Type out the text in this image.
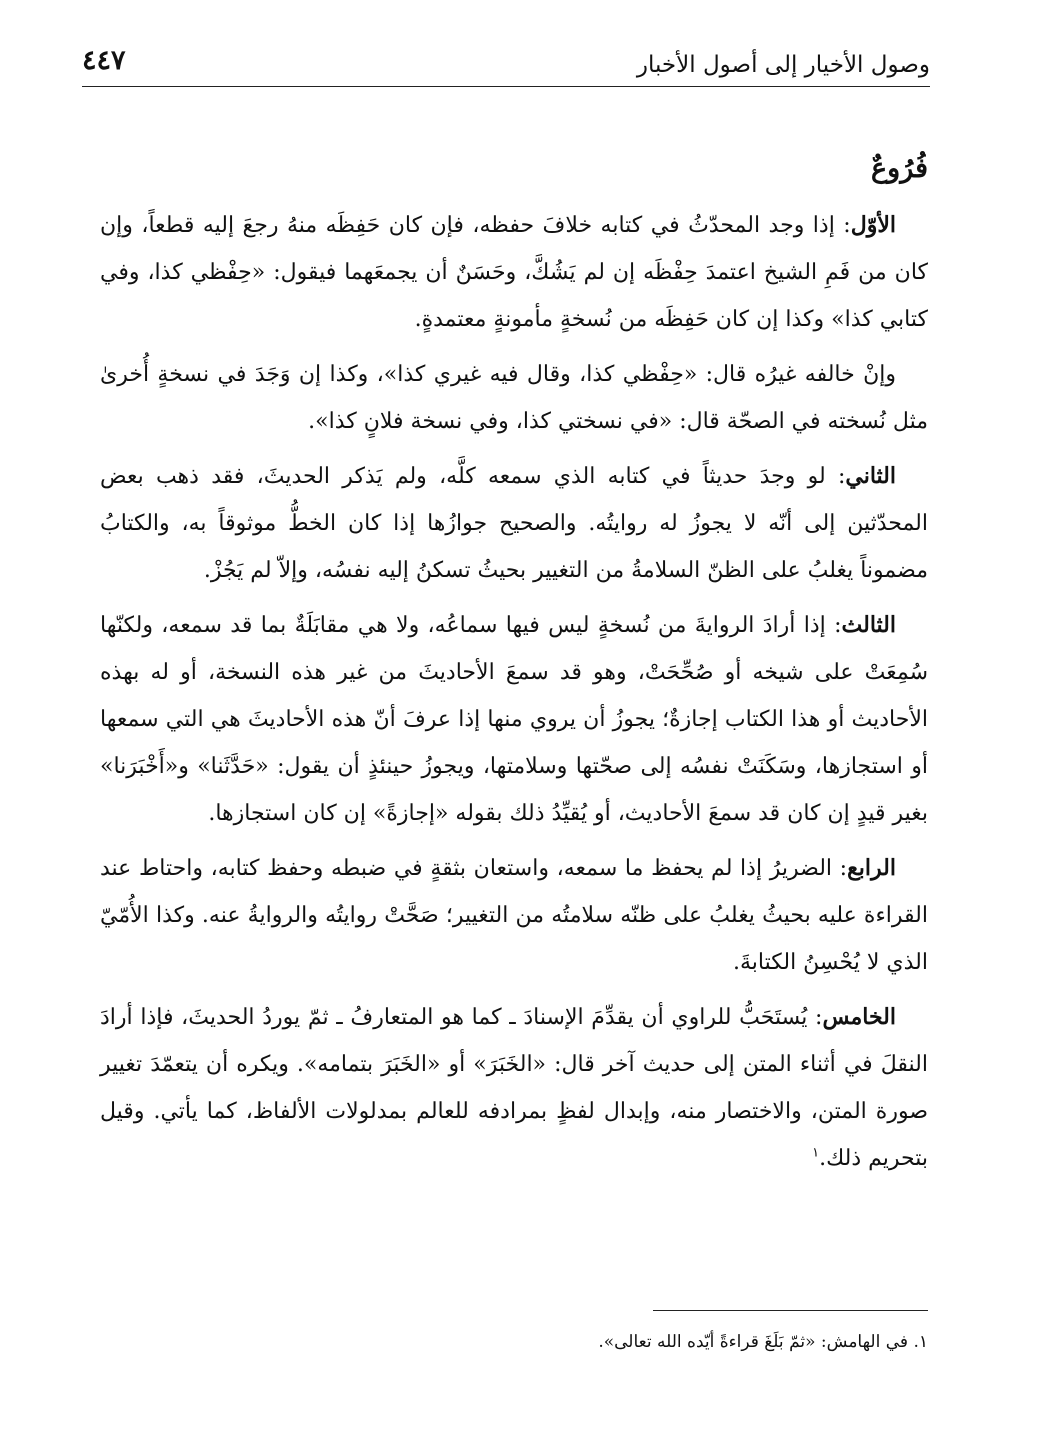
وصول الأخيار إلى أصول الأخبار
٤٤٧
فُرُوعٌ

الأوّل: إذا وجد المحدّثُ في كتابه خلافَ حفظه، فإن كان حَفِظَه منهُ رجعَ إليه قطعاً، وإن كان من فَمِ الشيخ اعتمدَ حِفْظَه إن لم يَشُكَّ، وحَسَنٌ أن يجمعَهما فيقول: «حِفْظي كذا، وفي كتابي كذا» وكذا إن كان حَفِظَه من نُسخةٍ مأمونةٍ معتمدةٍ.

وإنْ خالفه غيرُه قال: «حِفْظي كذا، وقال فيه غيري كذا»، وكذا إن وَجَدَ في نسخةٍ أُخرىٰ مثل نُسخته في الصحّة قال: «في نسختي كذا، وفي نسخة فلانٍ كذا».

الثاني: لو وجدَ حديثاً في كتابه الذي سمعه كلَّه، ولم يَذكر الحديثَ، فقد ذهب بعض المحدّثين إلى أنّه لا يجوزُ له روايتُه. والصحيح جوازُها إذا كان الخطُّ موثوقاً به، والكتابُ مضموناً يغلبُ على الظنّ السلامةُ من التغيير بحيثُ تسكنُ إليه نفسُه، وإلاّ لم يَجُزْ.

الثالث: إذا أرادَ الروايةَ من نُسخةٍ ليس فيها سماعُه، ولا هي مقابَلَةٌ بما قد سمعه، ولكنّها سُمِعَتْ على شيخه أو صُحِّحَتْ، وهو قد سمعَ الأحاديثَ من غير هذه النسخة، أو له بهذه الأحاديث أو هذا الكتاب إجازةٌ؛ يجوزُ أن يروي منها إذا عرفَ أنّ هذه الأحاديثَ هي التي سمعها أو استجازها، وسَكَنَتْ نفسُه إلى صحّتها وسلامتها، ويجوزُ حينئذٍ أن يقول: «حَدَّثَنا» و«أَخْبَرَنا» بغير قيدٍ إن كان قد سمعَ الأحاديث، أو يُقيِّدُ ذلك بقوله «إجازةً» إن كان استجازها.

الرابع: الضريرُ إذا لم يحفظ ما سمعه، واستعان بثقةٍ في ضبطه وحفظ كتابه، واحتاط عند القراءة عليه بحيثُ يغلبُ على ظنّه سلامتُه من التغيير؛ صَحَّتْ روايتُه والروايةُ عنه. وكذا الأُمّيّ الذي لا يُحْسِنُ الكتابةَ.

الخامس: يُستَحَبُّ للراوي أن يقدِّمَ الإسنادَ ـ كما هو المتعارفُ ـ ثمّ يوردُ الحديثَ، فإذا أرادَ النقلَ في أثناء المتن إلى حديث آخر قال: «الخَبَرَ» أو «الخَبَرَ بتمامه». ويكره أن يتعمّدَ تغيير صورة المتن، والاختصار منه، وإبدال لفظٍ بمرادفه للعالم بمدلولات الألفاظ، كما يأتي. وقيل بتحريم ذلك.$^١$

١. في الهامش: «ثمّ بَلَغَ قراءةً أيّده الله تعالى».
